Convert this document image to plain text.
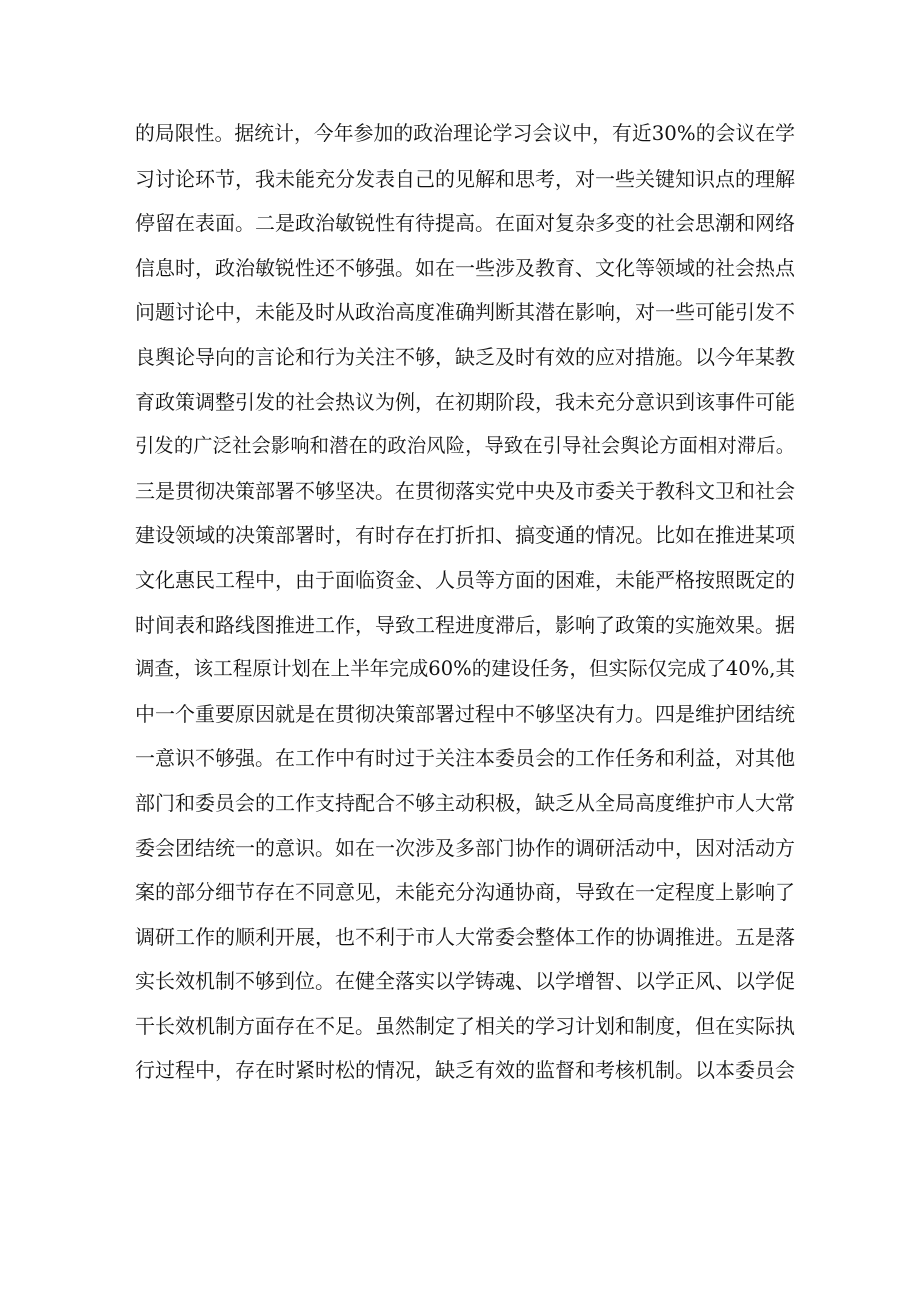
的局限性。据统计，今年参加的政治理论学习会议中，有近30%的会议在学
习讨论环节，我未能充分发表自己的见解和思考，对一些关键知识点的理解
停留在表面。二是政治敏锐性有待提高。在面对复杂多变的社会思潮和网络
信息时，政治敏锐性还不够强。如在一些涉及教育、文化等领域的社会热点
问题讨论中，未能及时从政治高度准确判断其潜在影响，对一些可能引发不
良舆论导向的言论和行为关注不够，缺乏及时有效的应对措施。以今年某教
育政策调整引发的社会热议为例，在初期阶段，我未充分意识到该事件可能
引发的广泛社会影响和潜在的政治风险，导致在引导社会舆论方面相对滞后。
三是贯彻决策部署不够坚决。在贯彻落实党中央及市委关于教科文卫和社会
建设领域的决策部署时，有时存在打折扣、搞变通的情况。比如在推进某项
文化惠民工程中，由于面临资金、人员等方面的困难，未能严格按照既定的
时间表和路线图推进工作，导致工程进度滞后，影响了政策的实施效果。据
调查，该工程原计划在上半年完成60%的建设任务，但实际仅完成了40%,其
中一个重要原因就是在贯彻决策部署过程中不够坚决有力。四是维护团结统
一意识不够强。在工作中有时过于关注本委员会的工作任务和利益，对其他
部门和委员会的工作支持配合不够主动积极，缺乏从全局高度维护市人大常
委会团结统一的意识。如在一次涉及多部门协作的调研活动中，因对活动方
案的部分细节存在不同意见，未能充分沟通协商，导致在一定程度上影响了
调研工作的顺利开展，也不利于市人大常委会整体工作的协调推进。五是落
实长效机制不够到位。在健全落实以学铸魂、以学增智、以学正风、以学促
干长效机制方面存在不足。虽然制定了相关的学习计划和制度，但在实际执
行过程中，存在时紧时松的情况，缺乏有效的监督和考核机制。以本委员会
